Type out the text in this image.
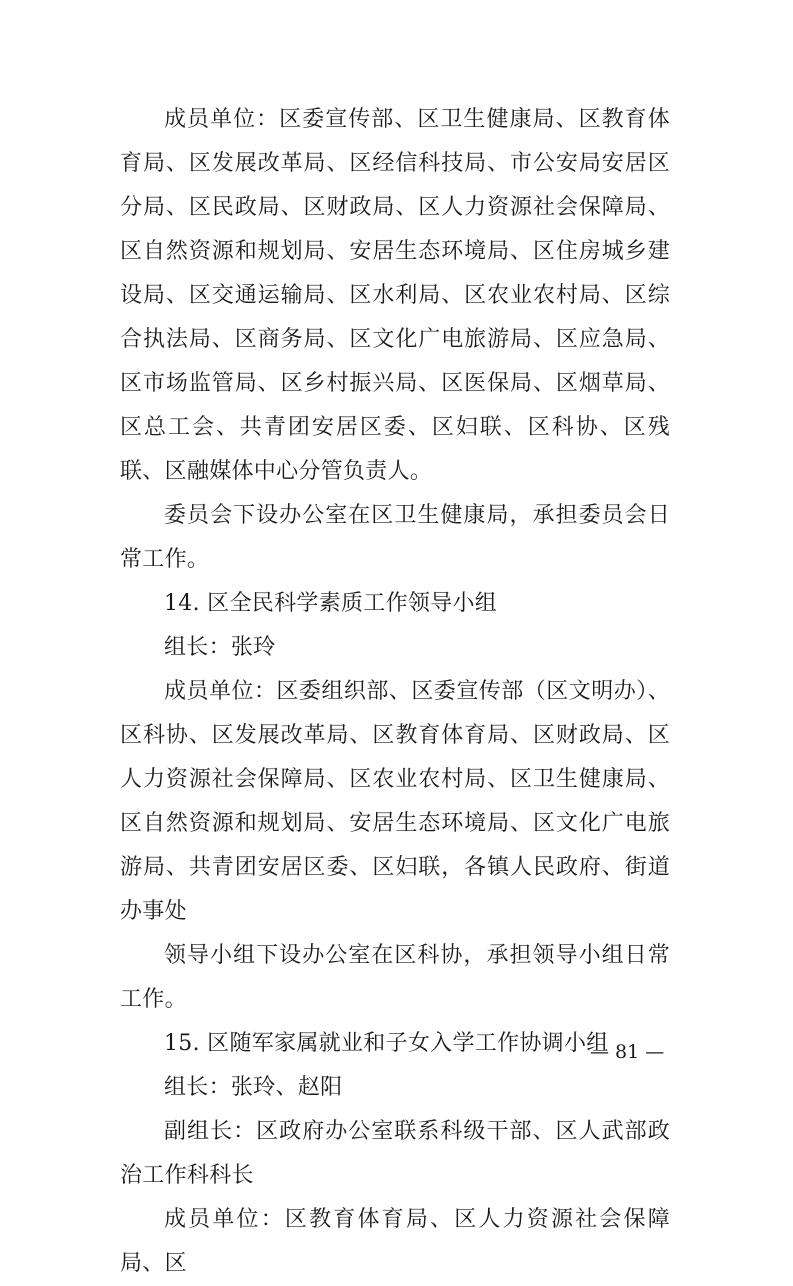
成员单位：区委宣传部、区卫生健康局、区教育体育局、区发展改革局、区经信科技局、市公安局安居区分局、区民政局、区财政局、区人力资源社会保障局、区自然资源和规划局、安居生态环境局、区住房城乡建设局、区交通运输局、区水利局、区农业农村局、区综合执法局、区商务局、区文化广电旅游局、区应急局、区市场监管局、区乡村振兴局、区医保局、区烟草局、区总工会、共青团安居区委、区妇联、区科协、区残联、区融媒体中心分管负责人。

委员会下设办公室在区卫生健康局，承担委员会日常工作。

14. 区全民科学素质工作领导小组

组长：张玲

成员单位：区委组织部、区委宣传部（区文明办）、区科协、区发展改革局、区教育体育局、区财政局、区人力资源社会保障局、区农业农村局、区卫生健康局、区自然资源和规划局、安居生态环境局、区文化广电旅游局、共青团安居区委、区妇联，各镇人民政府、街道办事处

领导小组下设办公室在区科协，承担领导小组日常工作。

15. 区随军家属就业和子女入学工作协调小组

组长：张玲、赵阳

副组长：区政府办公室联系科级干部、区人武部政治工作科科长

成员单位：区教育体育局、区人力资源社会保障局、区

— 81 —
